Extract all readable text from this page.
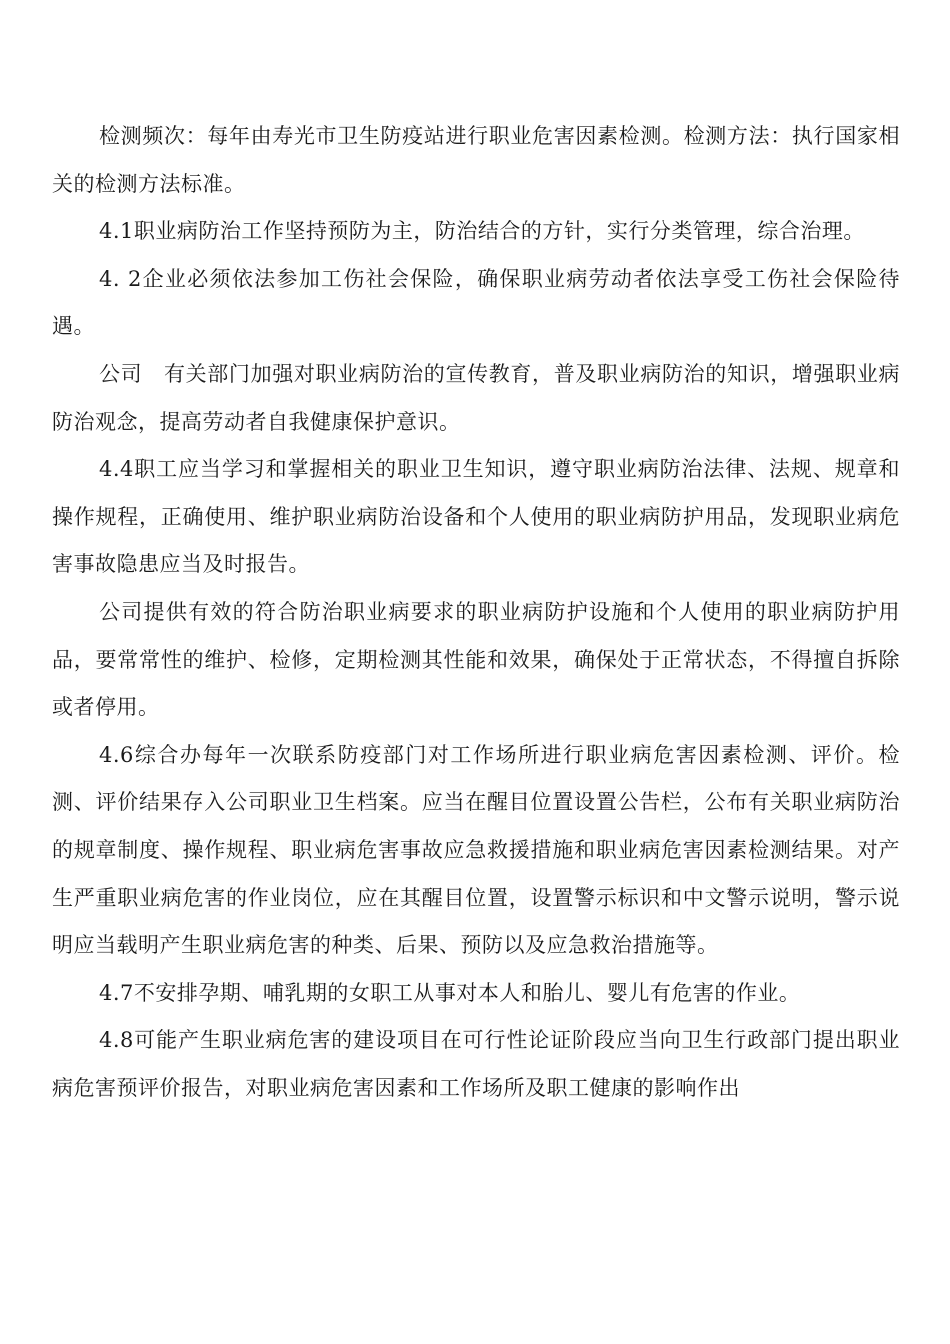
检测频次：每年由寿光市卫生防疫站进行职业危害因素检测。检测方法：执行国家相关的检测方法标准。

4.1职业病防治工作坚持预防为主，防治结合的方针，实行分类管理，综合治理。

4. 2企业必须依法参加工伤社会保险，确保职业病劳动者依法享受工伤社会保险待遇。

公司　有关部门加强对职业病防治的宣传教育，普及职业病防治的知识，增强职业病防治观念，提高劳动者自我健康保护意识。

4.4职工应当学习和掌握相关的职业卫生知识，遵守职业病防治法律、法规、规章和操作规程，正确使用、维护职业病防治设备和个人使用的职业病防护用品，发现职业病危害事故隐患应当及时报告。

公司提供有效的符合防治职业病要求的职业病防护设施和个人使用的职业病防护用品，要常常性的维护、检修，定期检测其性能和效果，确保处于正常状态，不得擅自拆除或者停用。

4.6综合办每年一次联系防疫部门对工作场所进行职业病危害因素检测、评价。检测、评价结果存入公司职业卫生档案。应当在醒目位置设置公告栏，公布有关职业病防治的规章制度、操作规程、职业病危害事故应急救援措施和职业病危害因素检测结果。对产生严重职业病危害的作业岗位，应在其醒目位置，设置警示标识和中文警示说明，警示说明应当载明产生职业病危害的种类、后果、预防以及应急救治措施等。

4.7不安排孕期、哺乳期的女职工从事对本人和胎儿、婴儿有危害的作业。

4.8可能产生职业病危害的建设项目在可行性论证阶段应当向卫生行政部门提出职业病危害预评价报告，对职业病危害因素和工作场所及职工健康的影响作出
